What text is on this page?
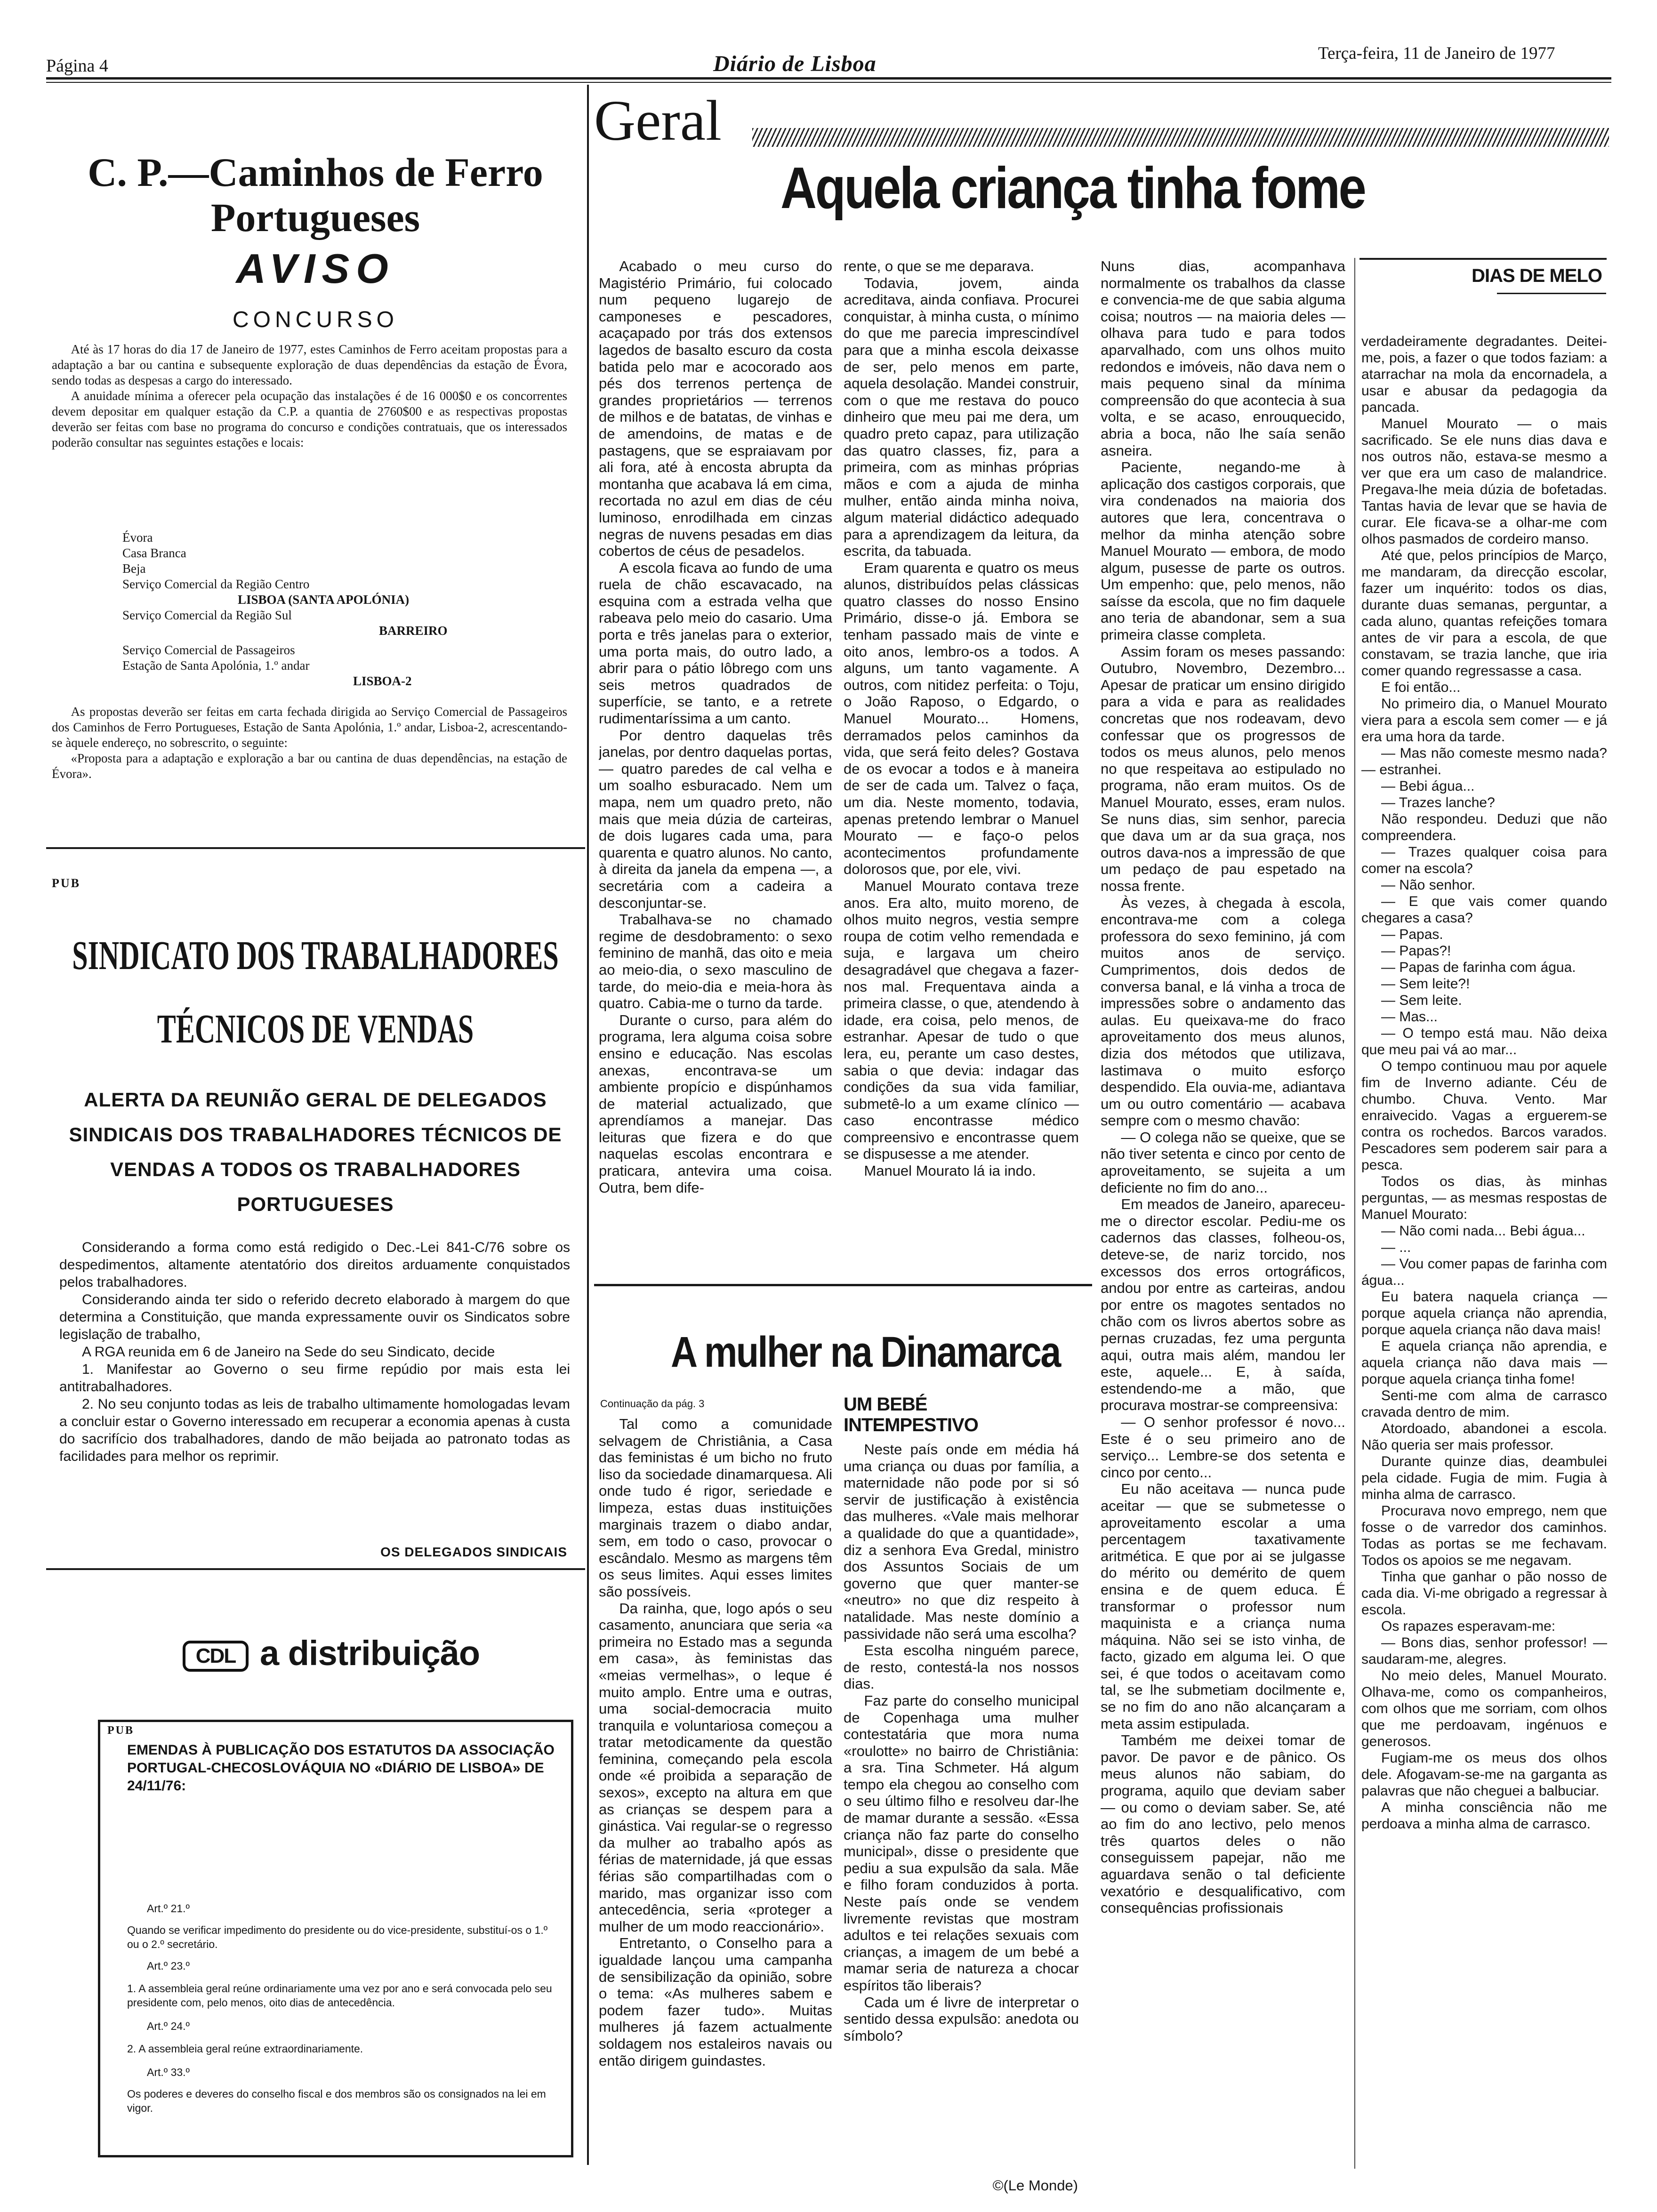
Página 4	Diário de Lisboa	Terça-feira, 11 de Janeiro de 1977
C. P.—Caminhos de Ferro
Portugueses
AVISO
CONCURSO

Até às 17 horas do dia 17 de Janeiro de 1977, estes Caminhos de Ferro aceitam propostas para a adaptação a bar ou cantina e subsequente exploração de duas dependências da estação de Évora, sendo todas as despesas a cargo do interessado.

A anuidade mínima a oferecer pela ocupação das instalações é de 16 000$0 e os concorrentes devem depositar em qualquer estação da C.P. a quantia de 2760$00 e as respectivas propostas deverão ser feitas com base no programa do concurso e condições contratuais, que os interessados poderão consultar nas seguintes estações e locais:

Évora
Casa Branca
Beja
Serviço Comercial da Região Centro
LISBOA (SANTA APOLÓNIA)
Serviço Comercial da Região Sul
BARREIRO
Serviço Comercial de Passageiros
Estação de Santa Apolónia, 1.º andar
LISBOA-2

As propostas deverão ser feitas em carta fechada dirigida ao Serviço Comercial de Passageiros dos Caminhos de Ferro Portugueses, Estação de Santa Apolónia, 1.º andar, Lisboa-2, acrescentando-se àquele endereço, no sobrescrito, o seguinte:

«Proposta para a adaptação e exploração a bar ou cantina de duas dependências, na estação de Évora».

PUB
SINDICATO DOS TRABALHADORES
TÉCNICOS DE VENDAS
ALERTA DA REUNIÃO GERAL DE DELEGADOS SINDICAIS DOS TRABALHADORES TÉCNICOS DE VENDAS A TODOS OS TRABALHADORES PORTUGUESES

Considerando a forma como está redigido o Dec.-Lei 841-C/76 sobre os despedimentos, altamente atentatório dos direitos arduamente conquistados pelos trabalhadores.

Considerando ainda ter sido o referido decreto elaborado à margem do que determina a Constituição, que manda expressamente ouvir os Sindicatos sobre legislação de trabalho,

A RGA reunida em 6 de Janeiro na Sede do seu Sindicato, decide

1. Manifestar ao Governo o seu firme repúdio por mais esta lei antitrabalhadores.

2. No seu conjunto todas as leis de trabalho ultimamente homologadas levam a concluir estar o Governo interessado em recuperar a economia apenas à custa do sacrifício dos trabalhadores, dando de mão beijada ao patronato todas as facilidades para melhor os reprimir.

OS DELEGADOS SINDICAIS
CDL a distribuição
PUB
EMENDAS À PUBLICAÇÃO DOS ESTATUTOS DA ASSOCIAÇÃO PORTUGAL-CHECOSLOVÁQUIA NO «DIÁRIO DE LISBOA» DE 24/11/76:
Art.º 21.º
Quando se verificar impedimento do presidente ou do vice-presidente, substituí-os o 1.º ou o 2.º secretário.
Art.º 23.º
1. A assembleia geral reúne ordinariamente uma vez por ano e será convocada pelo seu presidente com, pelo menos, oito dias de antecedência.
Art.º 24.º
2. A assembleia geral reúne extraordinariamente.
Art.º 33.º
Os poderes e deveres do conselho fiscal e dos membros são os consignados na lei em vigor.
Geral
Aquela criança tinha fome
DIAS DE MELO

Acabado o meu curso do Magistério Primário, fui colocado num pequeno lugarejo de camponeses e pescadores, acaçapado por trás dos extensos lagedos de basalto escuro da costa batida pelo mar e acocorado aos pés dos terrenos pertença de grandes proprietários — terrenos de milhos e de batatas, de vinhas e de amendoins, de matas e de pastagens, que se espraiavam por ali fora, até à encosta abrupta da montanha que acabava lá em cima, recortada no azul em dias de céu luminoso, enrodilhada em cinzas negras de nuvens pesadas em dias cobertos de céus de pesadelos.

A escola ficava ao fundo de uma ruela de chão escavacado, na esquina com a estrada velha que rabeava pelo meio do casario. Uma porta e três janelas para o exterior, uma porta mais, do outro lado, a abrir para o pátio lôbrego com uns seis metros quadrados de superfície, se tanto, e a retrete rudimentaríssima a um canto.

Por dentro daquelas três janelas, por dentro daquelas portas, — quatro paredes de cal velha e um soalho esburacado. Nem um mapa, nem um quadro preto, não mais que meia dúzia de carteiras, de dois lugares cada uma, para quarenta e quatro alunos. No canto, à direita da janela da empena —, a secretária com a cadeira a desconjuntar-se.

Trabalhava-se no chamado regime de desdobramento: o sexo feminino de manhã, das oito e meia ao meio-dia, o sexo masculino de tarde, do meio-dia e meia-hora às quatro. Cabia-me o turno da tarde.

Durante o curso, para além do programa, lera alguma coisa sobre ensino e educação. Nas escolas anexas, encontrava-se um ambiente propício e dispúnhamos de material actualizado, que aprendíamos a manejar. Das leituras que fizera e do que naquelas escolas encontrara e praticara, antevira uma coisa. Outra, bem dife-

rente, o que se me deparava.

Todavia, jovem, ainda acreditava, ainda confiava. Procurei conquistar, à minha custa, o mínimo do que me parecia imprescindível para que a minha escola deixasse de ser, pelo menos em parte, aquela desolação. Mandei construir, com o que me restava do pouco dinheiro que meu pai me dera, um quadro preto capaz, para utilização das quatro classes, fiz, para a primeira, com as minhas próprias mãos e com a ajuda de minha mulher, então ainda minha noiva, algum material didáctico adequado para a aprendizagem da leitura, da escrita, da tabuada.

Eram quarenta e quatro os meus alunos, distribuídos pelas clássicas quatro classes do nosso Ensino Primário, disse-o já. Embora se tenham passado mais de vinte e oito anos, lembro-os a todos. A alguns, um tanto vagamente. A outros, com nitidez perfeita: o Toju, o João Raposo, o Edgardo, o Manuel Mourato... Homens, derramados pelos caminhos da vida, que será feito deles? Gostava de os evocar a todos e à maneira de ser de cada um. Talvez o faça, um dia. Neste momento, todavia, apenas pretendo lembrar o Manuel Mourato — e faço-o pelos acontecimentos profundamente dolorosos que, por ele, vivi.

Manuel Mourato contava treze anos. Era alto, muito moreno, de olhos muito negros, vestia sempre roupa de cotim velho remendada e suja, e largava um cheiro desagradável que chegava a fazer-nos mal. Frequentava ainda a primeira classe, o que, atendendo à idade, era coisa, pelo menos, de estranhar. Apesar de tudo o que lera, eu, perante um caso destes, sabia o que devia: indagar das condições da sua vida familiar, submetê-lo a um exame clínico — caso encontrasse médico compreensivo e encontrasse quem se dispusesse a me atender.

Manuel Mourato lá ia indo.

Nuns dias, acompanhava normalmente os trabalhos da classe e convencia-me de que sabia alguma coisa; noutros — na maioria deles — olhava para tudo e para todos aparvalhado, com uns olhos muito redondos e imóveis, não dava nem o mais pequeno sinal da mínima compreensão do que acontecia à sua volta, e se acaso, enrouquecido, abria a boca, não lhe saía senão asneira.

Paciente, negando-me à aplicação dos castigos corporais, que vira condenados na maioria dos autores que lera, concentrava o melhor da minha atenção sobre Manuel Mourato — embora, de modo algum, pusesse de parte os outros. Um empenho: que, pelo menos, não saísse da escola, que no fim daquele ano teria de abandonar, sem a sua primeira classe completa.

Assim foram os meses passando: Outubro, Novembro, Dezembro... Apesar de praticar um ensino dirigido para a vida e para as realidades concretas que nos rodeavam, devo confessar que os progressos de todos os meus alunos, pelo menos no que respeitava ao estipulado no programa, não eram muitos. Os de Manuel Mourato, esses, eram nulos. Se nuns dias, sim senhor, parecia que dava um ar da sua graça, nos outros dava-nos a impressão de que um pedaço de pau espetado na nossa frente.

Às vezes, à chegada à escola, encontrava-me com a colega professora do sexo feminino, já com muitos anos de serviço. Cumprimentos, dois dedos de conversa banal, e lá vinha a troca de impressões sobre o andamento das aulas. Eu queixava-me do fraco aproveitamento dos meus alunos, dizia dos métodos que utilizava, lastimava o muito esforço despendido. Ela ouvia-me, adiantava um ou outro comentário — acabava sempre com o mesmo chavão:

— O colega não se queixe, que se não tiver setenta e cinco por cento de aproveitamento, se sujeita a um deficiente no fim do ano...

Em meados de Janeiro, apareceu-me o director escolar. Pediu-me os cadernos das classes, folheou-os, deteve-se, de nariz torcido, nos excessos dos erros ortográficos, andou por entre as carteiras, andou por entre os magotes sentados no chão com os livros abertos sobre as pernas cruzadas, fez uma pergunta aqui, outra mais além, mandou ler este, aquele... E, à saída, estendendo-me a mão, que procurava mostrar-se compreensiva:

— O senhor professor é novo... Este é o seu primeiro ano de serviço... Lembre-se dos setenta e cinco por cento...

Eu não aceitava — nunca pude aceitar — que se submetesse o aproveitamento escolar a uma percentagem taxativamente aritmética. E que por ai se julgasse do mérito ou demérito de quem ensina e de quem educa. É transformar o professor num maquinista e a criança numa máquina. Não sei se isto vinha, de facto, gizado em alguma lei. O que sei, é que todos o aceitavam como tal, se lhe submetiam docilmente e, se no fim do ano não alcançaram a meta assim estipulada.

Também me deixei tomar de pavor. De pavor e de pânico. Os meus alunos não sabiam, do programa, aquilo que deviam saber — ou como o deviam saber. Se, até ao fim do ano lectivo, pelo menos três quartos deles o não conseguissem papejar, não me aguardava senão o tal deficiente vexatório e desqualificativo, com consequências profissionais

verdadeiramente degradantes. Deitei-me, pois, a fazer o que todos faziam: a atarrachar na mola da encornadela, a usar e abusar da pedagogia da pancada.

Manuel Mourato — o mais sacrificado. Se ele nuns dias dava e nos outros não, estava-se mesmo a ver que era um caso de malandrice. Pregava-lhe meia dúzia de bofetadas. Tantas havia de levar que se havia de curar. Ele ficava-se a olhar-me com olhos pasmados de cordeiro manso.

Até que, pelos princípios de Março, me mandaram, da direcção escolar, fazer um inquérito: todos os dias, durante duas semanas, perguntar, a cada aluno, quantas refeições tomara antes de vir para a escola, de que constavam, se trazia lanche, que iria comer quando regressasse a casa.

E foi então...

No primeiro dia, o Manuel Mourato viera para a escola sem comer — e já era uma hora da tarde.

— Mas não comeste mesmo nada? — estranhei.

— Bebi água...

— Trazes lanche?

Não respondeu. Deduzi que não compreendera.

— Trazes qualquer coisa para comer na escola?

— Não senhor.

— E que vais comer quando chegares a casa?

— Papas.

— Papas?!

— Papas de farinha com água.

— Sem leite?!

— Sem leite.

— Mas...

— O tempo está mau. Não deixa que meu pai vá ao mar...

O tempo continuou mau por aquele fim de Inverno adiante. Céu de chumbo. Chuva. Vento. Mar enraivecido. Vagas a erguerem-se contra os rochedos. Barcos varados. Pescadores sem poderem sair para a pesca.

Todos os dias, às minhas perguntas, — as mesmas respostas de Manuel Mourato:

— Não comi nada... Bebi água...

— ...

— Vou comer papas de farinha com água...

Eu batera naquela criança — porque aquela criança não aprendia, porque aquela criança não dava mais!

E aquela criança não aprendia, e aquela criança não dava mais — porque aquela criança tinha fome!

Senti-me com alma de carrasco cravada dentro de mim.

Atordoado, abandonei a escola. Não queria ser mais professor.

Durante quinze dias, deambulei pela cidade. Fugia de mim. Fugia à minha alma de carrasco.

Procurava novo emprego, nem que fosse o de varredor dos caminhos. Todas as portas se me fechavam. Todos os apoios se me negavam.

Tinha que ganhar o pão nosso de cada dia. Vi-me obrigado a regressar à escola.

Os rapazes esperavam-me:

— Bons dias, senhor professor! — saudaram-me, alegres.

No meio deles, Manuel Mourato. Olhava-me, como os companheiros, com olhos que me sorriam, com olhos que me perdoavam, ingénuos e generosos.

Fugiam-me os meus dos olhos dele. Afogavam-se-me na garganta as palavras que não cheguei a balbuciar.

A minha consciência não me perdoava a minha alma de carrasco.

A mulher na Dinamarca
Continuação da pág. 3

Tal como a comunidade selvagem de Christiânia, a Casa das feministas é um bicho no fruto liso da sociedade dinamarquesa. Ali onde tudo é rigor, seriedade e limpeza, estas duas instituições marginais trazem o diabo andar, sem, em todo o caso, provocar o escândalo. Mesmo as margens têm os seus limites. Aqui esses limites são possíveis.

Da rainha, que, logo após o seu casamento, anunciara que seria «a primeira no Estado mas a segunda em casa», às feministas das «meias vermelhas», o leque é muito amplo. Entre uma e outras, uma social-democracia muito tranquila e voluntariosa começou a tratar metodicamente da questão feminina, começando pela escola onde «é proibida a separação de sexos», excepto na altura em que as crianças se despem para a ginástica. Vai regular-se o regresso da mulher ao trabalho após as férias de maternidade, já que essas férias são compartilhadas com o marido, mas organizar isso com antecedência, seria «proteger a mulher de um modo reaccionário».

Entretanto, o Conselho para a igualdade lançou uma campanha de sensibilização da opinião, sobre o tema: «As mulheres sabem e podem fazer tudo». Muitas mulheres já fazem actualmente soldagem nos estaleiros navais ou então dirigem guindastes.

UM BEBÉ INTEMPESTIVO

Neste país onde em média há uma criança ou duas por família, a maternidade não pode por si só servir de justificação à existência das mulheres. «Vale mais melhorar a qualidade do que a quantidade», diz a senhora Eva Gredal, ministro dos Assuntos Sociais de um governo que quer manter-se «neutro» no que diz respeito à natalidade. Mas neste domínio a passividade não será uma escolha?

Esta escolha ninguém parece, de resto, contestá-la nos nossos dias.

Faz parte do conselho municipal de Copenhaga uma mulher contestatária que mora numa «roulotte» no bairro de Christiânia: a sra. Tina Schmeter. Há algum tempo ela chegou ao conselho com o seu último filho e resolveu dar-lhe de mamar durante a sessão. «Essa criança não faz parte do conselho municipal», disse o presidente que pediu a sua expulsão da sala. Mãe e filho foram conduzidos à porta. Neste país onde se vendem livremente revistas que mostram adultos e tei relações sexuais com crianças, a imagem de um bebé a mamar seria de natureza a chocar espíritos tão liberais?

Cada um é livre de interpretar o sentido dessa expulsão: anedota ou símbolo?

©(Le Monde)
